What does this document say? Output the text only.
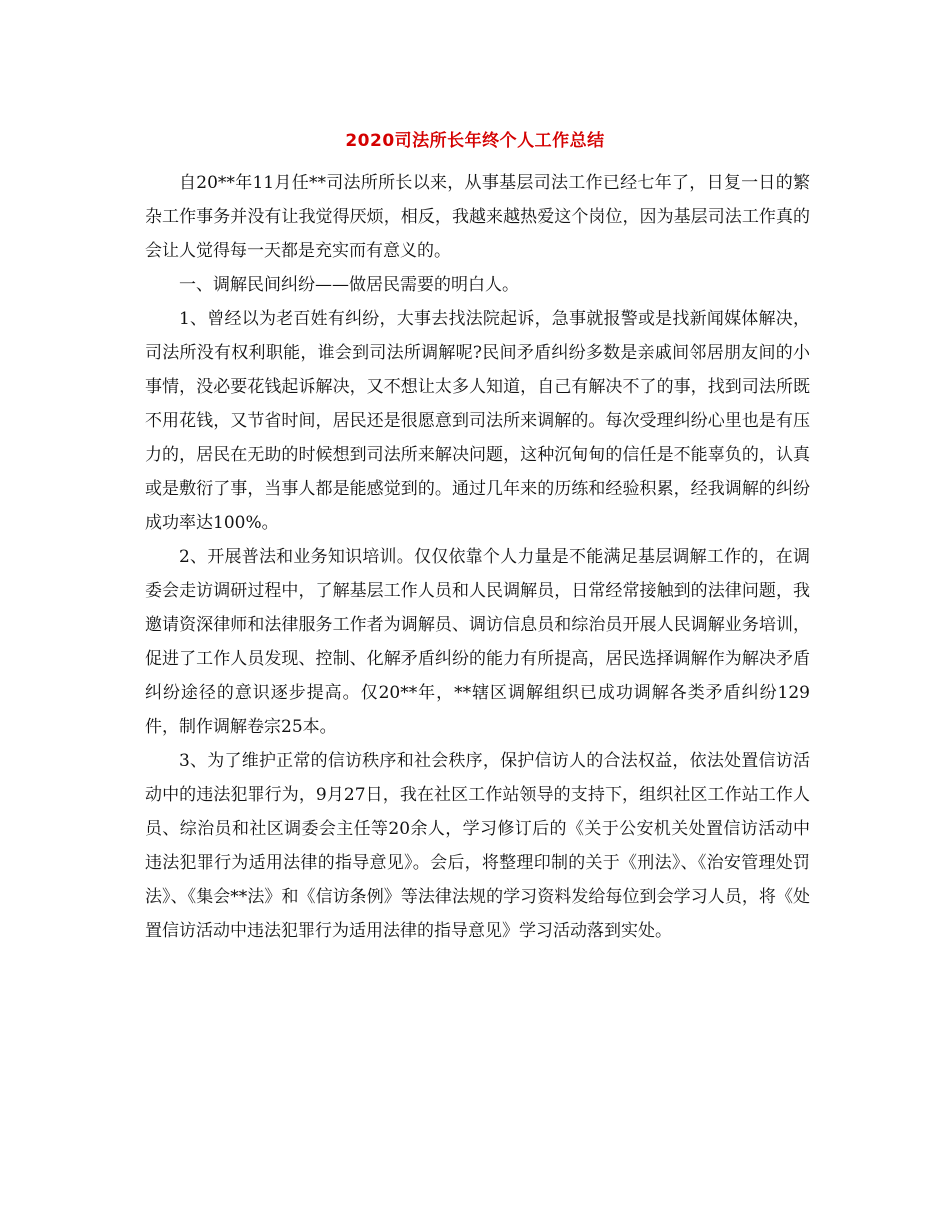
2020司法所长年终个人工作总结

自20**年11月任**司法所所长以来，从事基层司法工作已经七年了，日复一日的繁杂工作事务并没有让我觉得厌烦，相反，我越来越热爱这个岗位，因为基层司法工作真的会让人觉得每一天都是充实而有意义的。

一、调解民间纠纷——做居民需要的明白人。

1、曾经以为老百姓有纠纷，大事去找法院起诉，急事就报警或是找新闻媒体解决，司法所没有权利职能，谁会到司法所调解呢?民间矛盾纠纷多数是亲戚间邻居朋友间的小事情，没必要花钱起诉解决，又不想让太多人知道，自己有解决不了的事，找到司法所既不用花钱，又节省时间，居民还是很愿意到司法所来调解的。每次受理纠纷心里也是有压力的，居民在无助的时候想到司法所来解决问题，这种沉甸甸的信任是不能辜负的，认真或是敷衍了事，当事人都是能感觉到的。通过几年来的历练和经验积累，经我调解的纠纷成功率达100%。

2、开展普法和业务知识培训。仅仅依靠个人力量是不能满足基层调解工作的，在调委会走访调研过程中，了解基层工作人员和人民调解员，日常经常接触到的法律问题，我邀请资深律师和法律服务工作者为调解员、调访信息员和综治员开展人民调解业务培训，促进了工作人员发现、控制、化解矛盾纠纷的能力有所提高，居民选择调解作为解决矛盾纠纷途径的意识逐步提高。仅20**年，**辖区调解组织已成功调解各类矛盾纠纷129件，制作调解卷宗25本。

3、为了维护正常的信访秩序和社会秩序，保护信访人的合法权益，依法处置信访活动中的违法犯罪行为，9月27日，我在社区工作站领导的支持下，组织社区工作站工作人员、综治员和社区调委会主任等20余人，学习修订后的《关于公安机关处置信访活动中违法犯罪行为适用法律的指导意见》。会后，将整理印制的关于《刑法》、《治安管理处罚法》、《集会**法》和《信访条例》等法律法规的学习资料发给每位到会学习人员，将《处置信访活动中违法犯罪行为适用法律的指导意见》学习活动落到实处。
